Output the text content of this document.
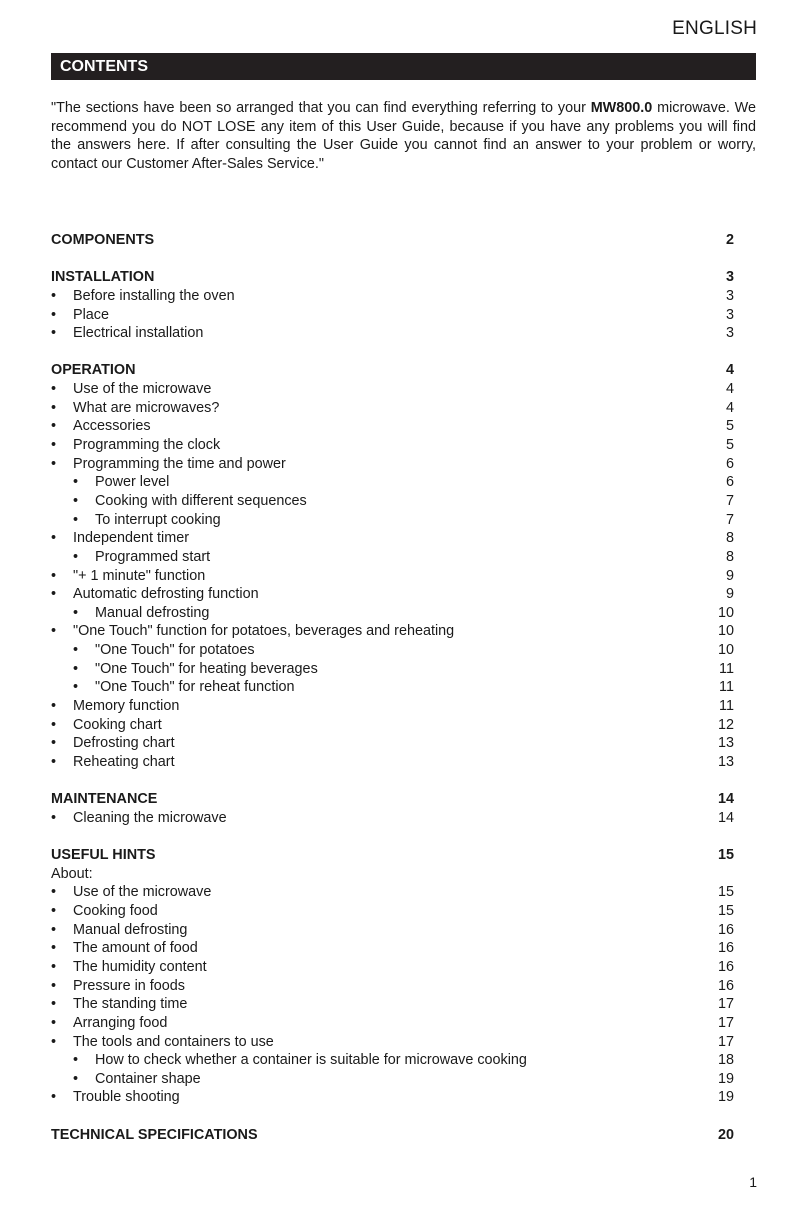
ENGLISH
CONTENTS

"The sections have been so arranged that you can find everything referring to your MW800.0 microwave. We recommend you do NOT LOSE any item of this User Guide, because if you have any problems you will find the answers here. If after consulting the User Guide you cannot find an answer to your problem or worry, contact our Customer After-Sales Service."

COMPONENTS	2
INSTALLATION	3
• Before installing the oven	3
• Place	3
• Electrical installation	3
OPERATION	4
• Use of the microwave	4
• What are microwaves?	4
• Accessories	5
• Programming the clock	5
• Programming the time and power	6
• Power level	6
• Cooking with different sequences	7
• To interrupt cooking	7
• Independent timer	8
• Programmed start	8
• "+ 1 minute" function	9
• Automatic defrosting function	9
• Manual defrosting	10
• "One Touch" function for potatoes, beverages and reheating	10
• "One Touch" for potatoes	10
• "One Touch" for heating beverages	11
• "One Touch" for reheat function	11
• Memory function	11
• Cooking chart	12
• Defrosting chart	13
• Reheating chart	13
MAINTENANCE	14
• Cleaning the microwave	14
USEFUL HINTS	15
About:
• Use of the microwave	15
• Cooking food	15
• Manual defrosting	16
• The amount of food	16
• The humidity content	16
• Pressure in foods	16
• The standing time	17
• Arranging food	17
• The tools and containers to use	17
• How to check whether a container is suitable for microwave cooking	18
• Container shape	19
• Trouble shooting	19
TECHNICAL SPECIFICATIONS	20
1
